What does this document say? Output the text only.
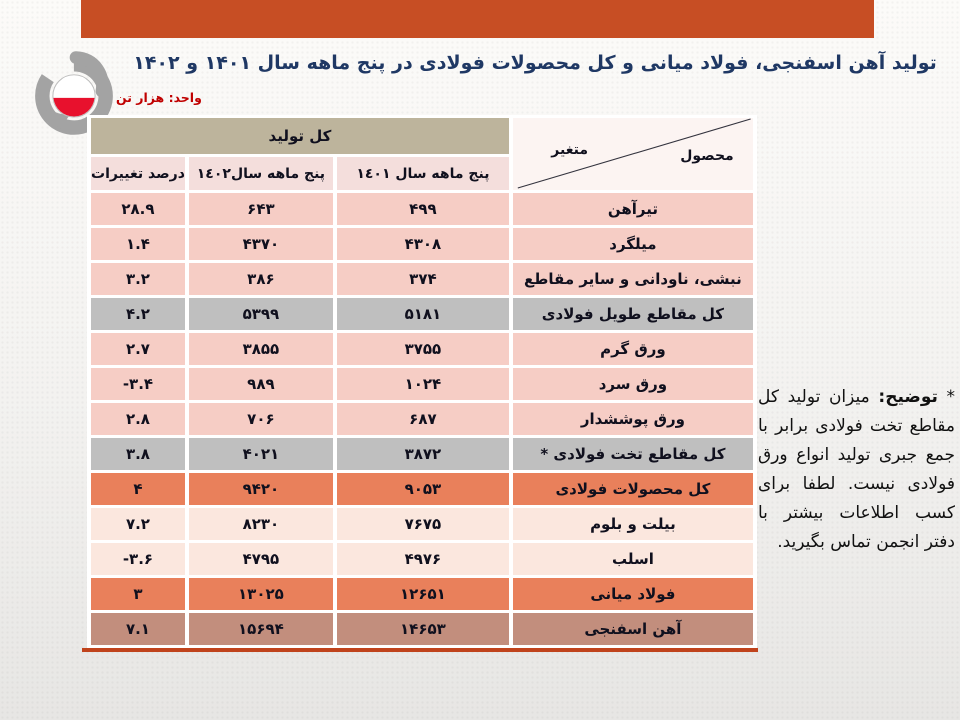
تولید آهن اسفنجی، فولاد میانی و کل محصولات فولادی در پنج ماهه سال ۱۴۰۱ و ۱۴۰۲
واحد: هزار تن
کل تولید			محصول
متغیر

درصد تغییرات	پنج ماهه سال١٤٠٢	پنج ماهه سال ١٤٠١	
۲۸.۹	۶۴۳	۴۹۹	تیرآهن
۱.۴	۴۳۷۰	۴۳۰۸	میلگرد
۳.۲	۳۸۶	۳۷۴	نبشی، ناودانی و سایر مقاطع
۴.۲	۵۳۹۹	۵۱۸۱	کل مقاطع طویل فولادی
۲.۷	۳۸۵۵	۳۷۵۵	ورق گرم
-۳.۴	۹۸۹	۱۰۲۴	ورق سرد
۲.۸	۷۰۶	۶۸۷	ورق پوششدار
۳.۸	۴۰۲۱	۳۸۷۲	کل مقاطع تخت فولادی *
۴	۹۴۲۰	۹۰۵۳	کل محصولات فولادی
۷.۲	۸۲۳۰	۷۶۷۵	بیلت و بلوم
-۳.۶	۴۷۹۵	۴۹۷۶	اسلب
۳	۱۳۰۲۵	۱۲۶۵۱	فولاد میانی
۷.۱	۱۵۶۹۴	۱۴۶۵۳	آهن اسفنجی

* توضیح: میزان تولید کل مقاطع تخت فولادی برابر با جمع جبری تولید انواع ورق فولادی نیست. لطفا برای کسب اطلاعات بیشتر با دفتر انجمن تماس بگیرید.
